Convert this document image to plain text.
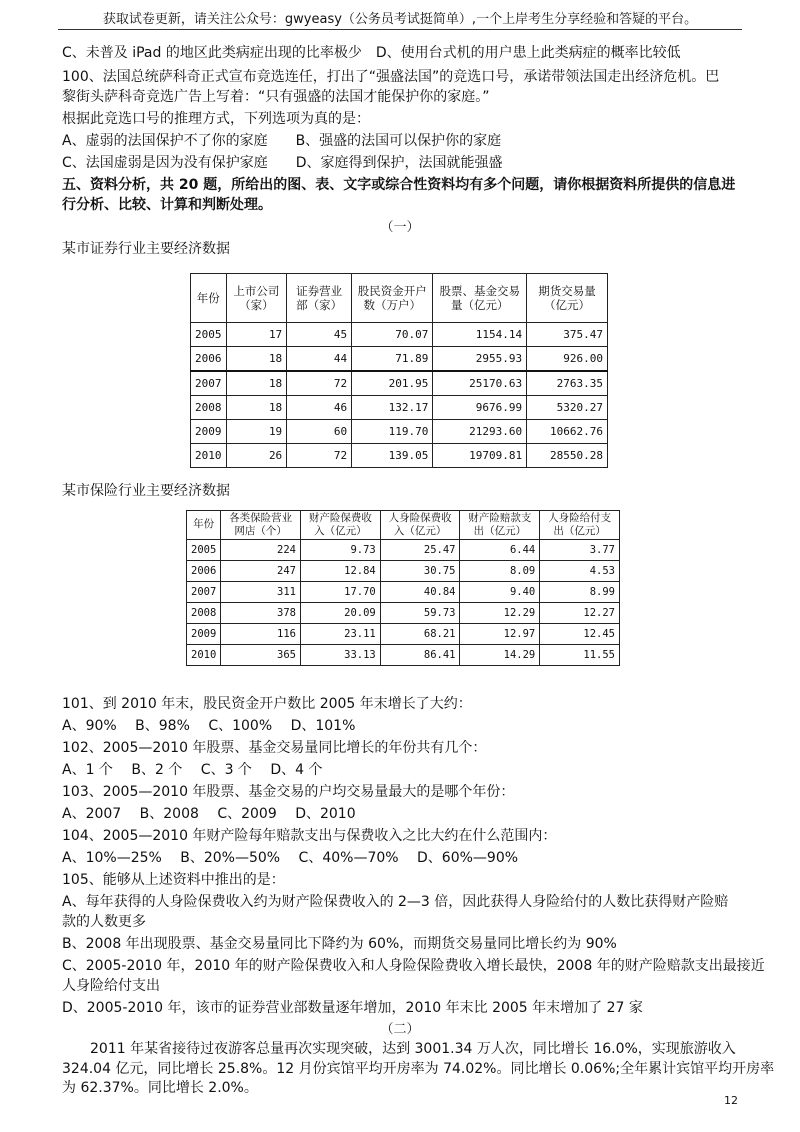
获取试卷更新，请关注公众号：gwyeasy（公务员考试挺简单）,一个上岸考生分享经验和答疑的平台。
C、未普及 iPad 的地区此类病症出现的比率极少　D、使用台式机的用户患上此类病症的概率比较低
100、法国总统萨科奇正式宣布竞选连任，打出了“强盛法国”的竞选口号，承诺带领法国走出经济危机。巴
黎街头萨科奇竞选广告上写着：“只有强盛的法国才能保护你的家庭。”
根据此竞选口号的推理方式，下列选项为真的是：
A、虚弱的法国保护不了你的家庭　　B、强盛的法国可以保护你的家庭
C、法国虚弱是因为没有保护家庭　　D、家庭得到保护，法国就能强盛
五、资料分析，共 20 题，所给出的图、表、文字或综合性资料均有多个问题，请你根据资料所提供的信息进
行分析、比较、计算和判断处理。
（一）
某市证券行业主要经济数据
年份	上市公司（家）	证券营业部（家）	股民资金开户数（万户）	股票、基金交易量（亿元）	期货交易量（亿元）
2005	17	45	70.07	1154.14	375.47
2006	18	44	71.89	2955.93	926.00
2007	18	72	201.95	25170.63	2763.35
2008	18	46	132.17	9676.99	5320.27
2009	19	60	119.70	21293.60	10662.76
2010	26	72	139.05	19709.81	28550.28
某市保险行业主要经济数据
年份	各类保险营业网店（个）	财产险保费收入（亿元）	人身险保费收入（亿元）	财产险赔款支出（亿元）	人身险给付支出（亿元）
2005	224	9.73	25.47	6.44	3.77
2006	247	12.84	30.75	8.09	4.53
2007	311	17.70	40.84	9.40	8.99
2008	378	20.09	59.73	12.29	12.27
2009	116	23.11	68.21	12.97	12.45
2010	365	33.13	86.41	14.29	11.55
101、到 2010 年末，股民资金开户数比 2005 年末增长了大约：
A、90%　 B、98%　 C、100%　 D、101%
102、2005—2010 年股票、基金交易量同比增长的年份共有几个：
A、1 个　 B、2 个　 C、3 个　 D、4 个
103、2005—2010 年股票、基金交易的户均交易量最大的是哪个年份：
A、2007　 B、2008　 C、2009　 D、2010
104、2005—2010 年财产险每年赔款支出与保费收入之比大约在什么范围内：
A、10%—25%　 B、20%—50%　 C、40%—70%　 D、60%—90%
105、能够从上述资料中推出的是：
A、每年获得的人身险保费收入约为财产险保费收入的 2—3 倍，因此获得人身险给付的人数比获得财产险赔
款的人数更多
B、2008 年出现股票、基金交易量同比下降约为 60%，而期货交易量同比增长约为 90%
C、2005-2010 年，2010 年的财产险保费收入和人身险保险费收入增长最快，2008 年的财产险赔款支出最接近
人身险给付支出
D、2005-2010 年，该市的证券营业部数量逐年增加，2010 年末比 2005 年末增加了 27 家
（二）
2011 年某省接待过夜游客总量再次实现突破，达到 3001.34 万人次，同比增长 16.0%，实现旅游收入
324.04 亿元，同比增长 25.8%。12 月份宾馆平均开房率为 74.02%。同比增长 0.06%;全年累计宾馆平均开房率
为 62.37%。同比增长 2.0%。
12
